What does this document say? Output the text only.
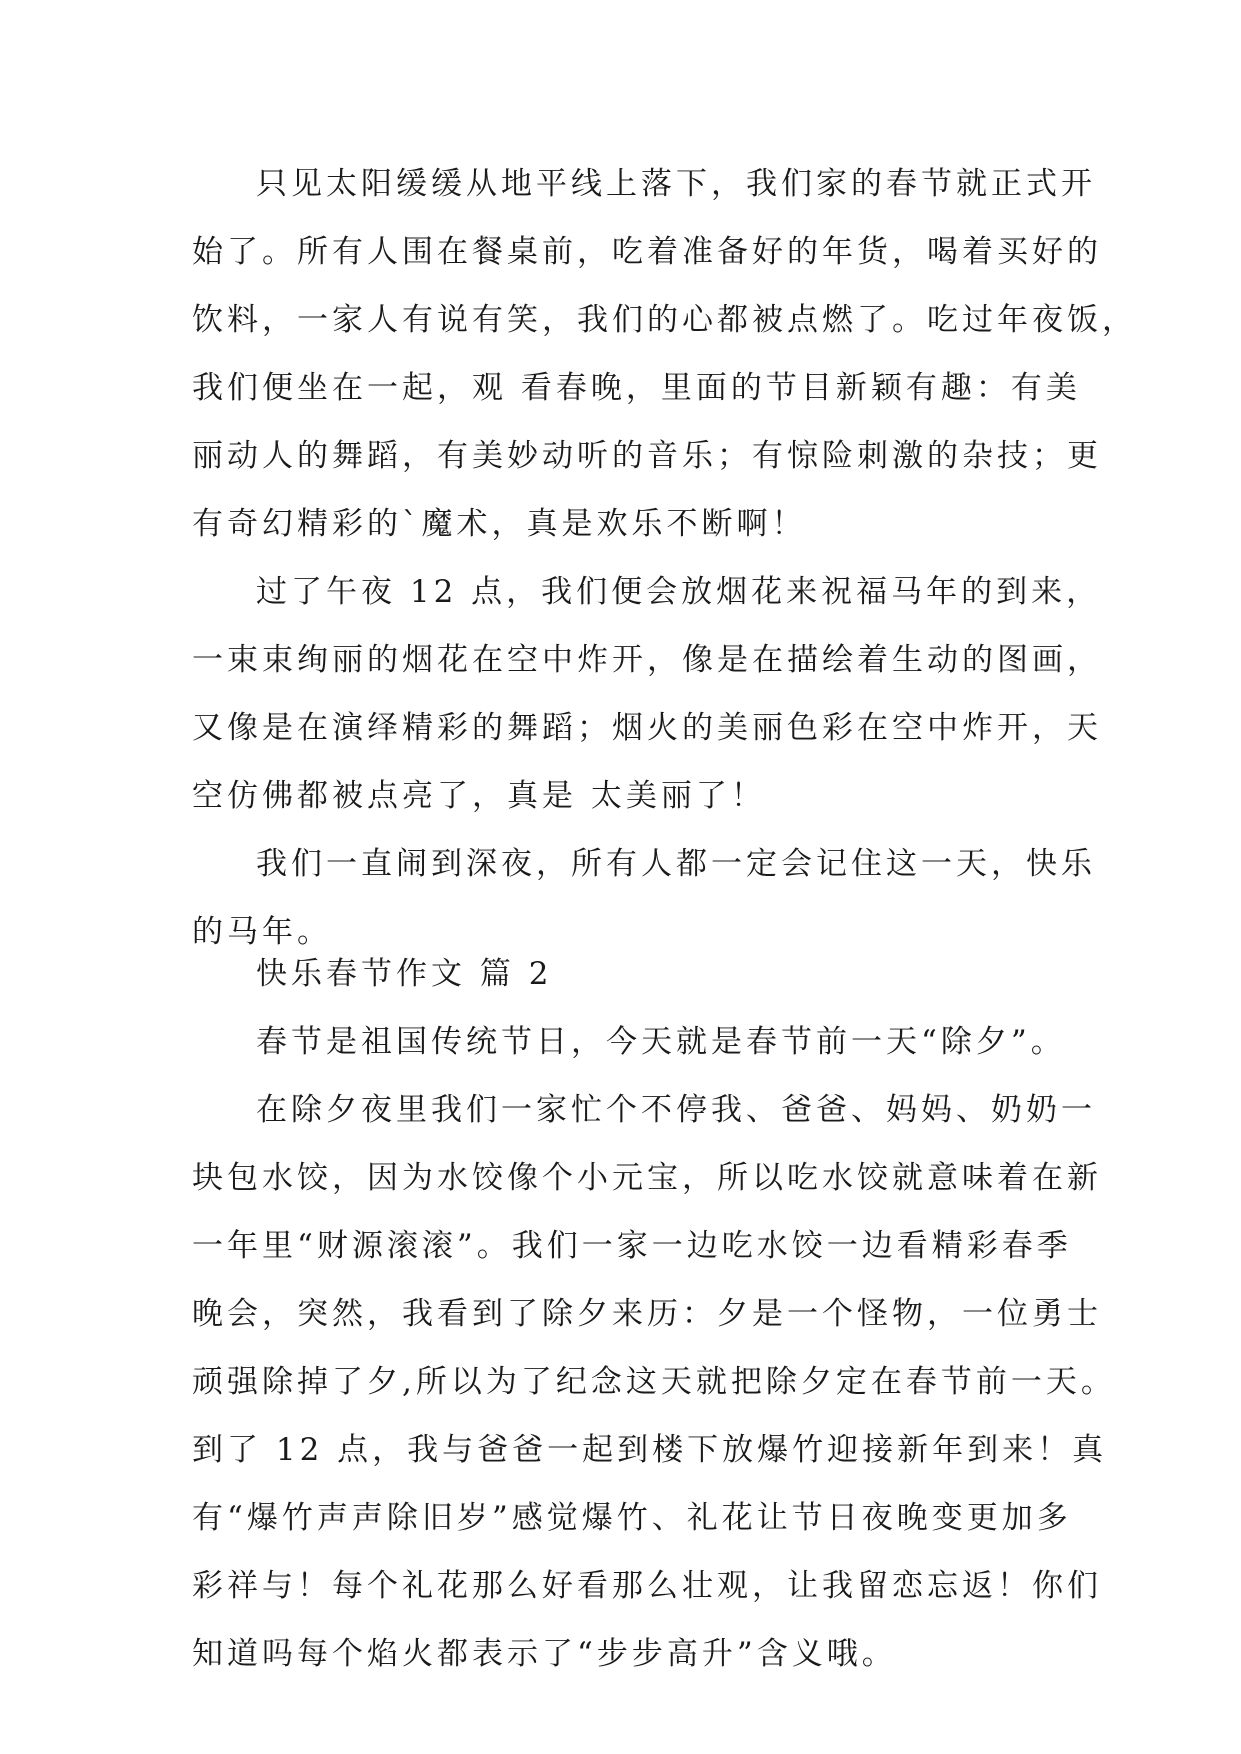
只见太阳缓缓从地平线上落下，我们家的春节就正式开
始了。所有人围在餐桌前，吃着准备好的年货，喝着买好的
饮料，一家人有说有笑，我们的心都被点燃了。吃过年夜饭，
我们便坐在一起，观 看春晚，里面的节目新颖有趣：有美
丽动人的舞蹈，有美妙动听的音乐；有惊险刺激的杂技；更
有奇幻精彩的`魔术，真是欢乐不断啊！
过了午夜 12 点，我们便会放烟花来祝福马年的到来，
一束束绚丽的烟花在空中炸开，像是在描绘着生动的图画，
又像是在演绎精彩的舞蹈；烟火的美丽色彩在空中炸开，天
空仿佛都被点亮了，真是 太美丽了！
我们一直闹到深夜，所有人都一定会记住这一天，快乐
的马年。
快乐春节作文 篇 2
春节是祖国传统节日，今天就是春节前一天“除夕”。
在除夕夜里我们一家忙个不停我、爸爸、妈妈、奶奶一
块包水饺，因为水饺像个小元宝，所以吃水饺就意味着在新
一年里“财源滚滚”。我们一家一边吃水饺一边看精彩春季
晚会，突然，我看到了除夕来历：夕是一个怪物，一位勇士
顽强除掉了夕,所以为了纪念这天就把除夕定在春节前一天。
到了 12 点，我与爸爸一起到楼下放爆竹迎接新年到来！真
有“爆竹声声除旧岁”感觉爆竹、礼花让节日夜晚变更加多
彩祥与！每个礼花那么好看那么壮观，让我留恋忘返！你们
知道吗每个焰火都表示了“步步高升”含义哦。
